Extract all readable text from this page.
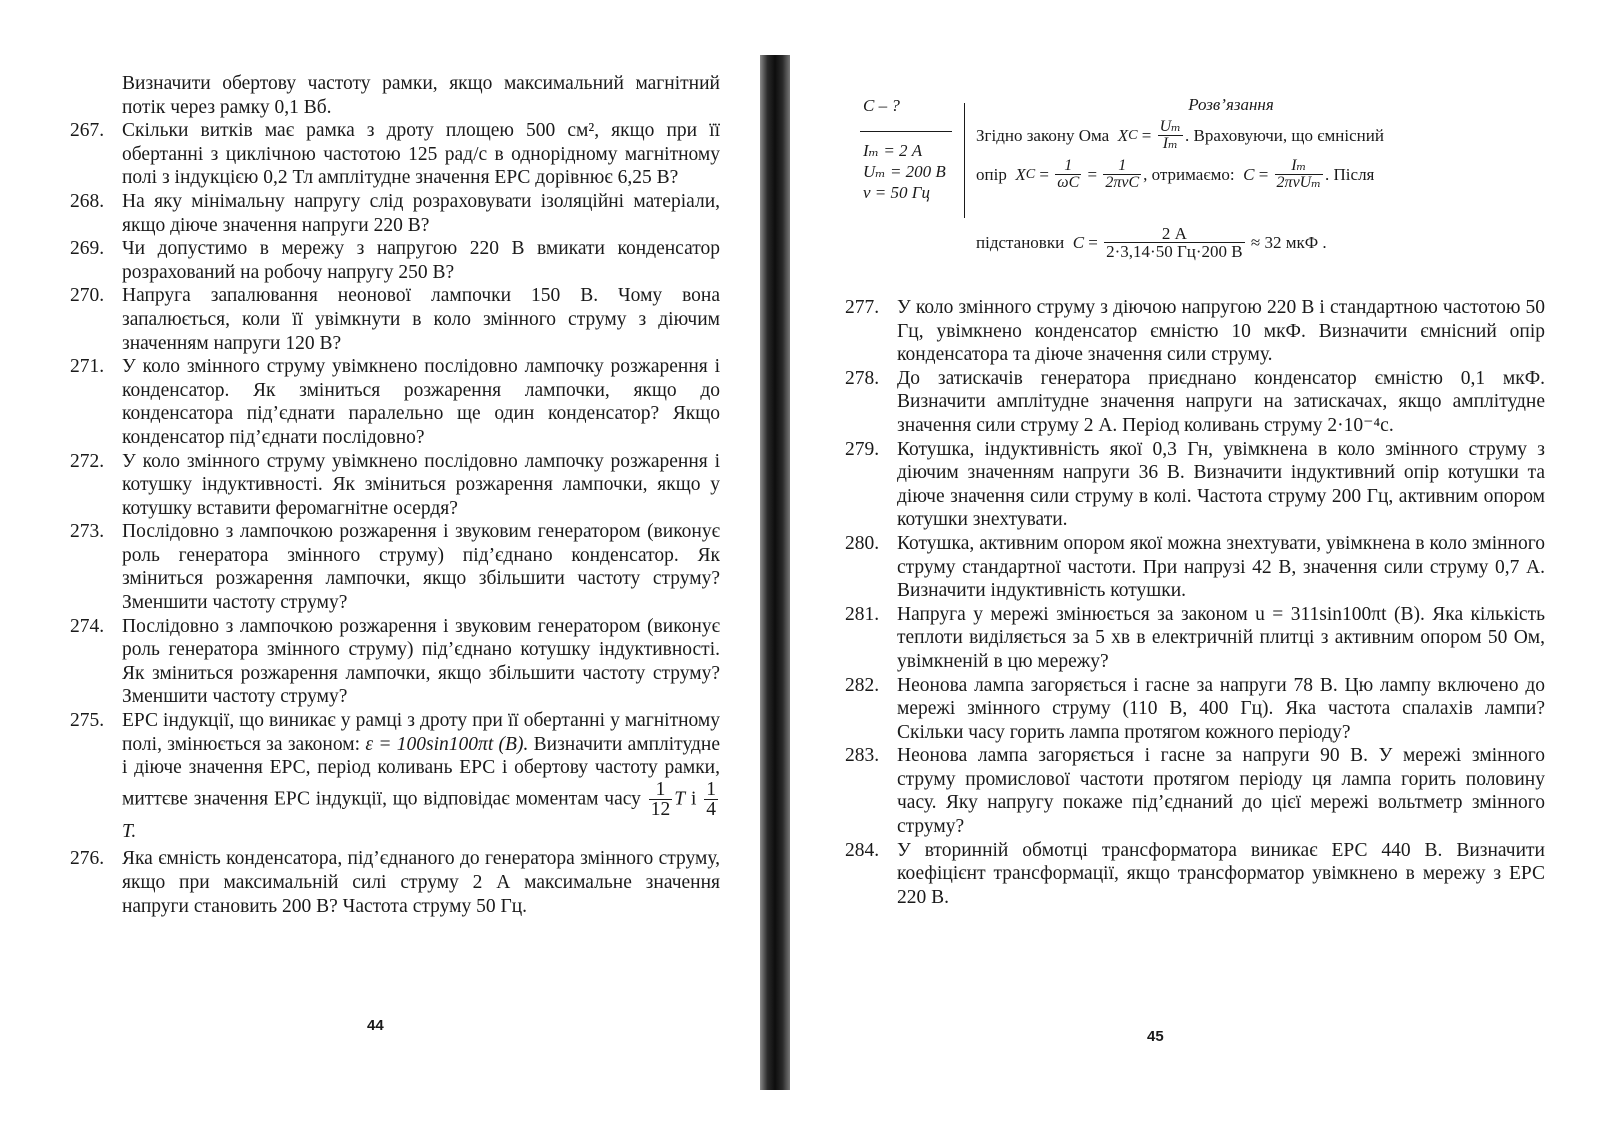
Визначити обертову частоту рамки, якщо максимальний магнітний потік через рамку 0,1 Вб.
267. Скільки витків має рамка з дроту площею 500 см², якщо при її обертанні з циклічною частотою 125 рад/с в однорідному магнітному полі з індукцією 0,2 Тл амплітудне значення ЕРС дорівнює 6,25 В?
268. На яку мінімальну напругу слід розраховувати ізоляційні матеріали, якщо діюче значення напруги 220 В?
269. Чи допустимо в мережу з напругою 220 В вмикати конденсатор розрахований на робочу напругу 250 В?
270. Напруга запалювання неонової лампочки 150 В. Чому вона запалюється, коли її увімкнути в коло змінного струму з діючим значенням напруги 120 В?
271. У коло змінного струму увімкнено послідовно лампочку розжарення і конденсатор. Як зміниться розжарення лампочки, якщо до конденсатора під’єднати паралельно ще один конденсатор? Якщо конденсатор під’єднати послідовно?
272. У коло змінного струму увімкнено послідовно лампочку розжарення і котушку індуктивності. Як зміниться розжарення лампочки, якщо у котушку вставити феромагнітне осердя?
273. Послідовно з лампочкою розжарення і звуковим генератором (виконує роль генератора змінного струму) під’єднано конденсатор. Як зміниться розжарення лампочки, якщо збільшити частоту струму? Зменшити частоту струму?
274. Послідовно з лампочкою розжарення і звуковим генератором (виконує роль генератора змінного струму) під’єднано котушку індуктивності. Як зміниться розжарення лампочки, якщо збільшити частоту струму? Зменшити частоту струму?
275. ЕРС індукції, що виникає у рамці з дроту при її обертанні у магнітному полі, змінюється за законом: ε = 100sin100πt (В). Визначити амплітудне і діюче значення ЕРС, період коливань ЕРС і обертову частоту рамки, миттєве значення ЕРС індукції, що відповідає моментам часу $\frac{1}{12}$ T і $\frac{1}{4}$
T.
276. Яка ємність конденсатора, під’єднаного до генератора змінного струму, якщо при максимальній силі струму 2 А максимальне значення напруги становить 200 В? Частота струму 50 Гц.
44
C – ?
Iₘ = 2 А
Uₘ = 200 В
ν = 50 Гц
Розв’язання
Згідно закону Ома
X $C = \frac{\text{Uₘ}}{\text{Iₘ}}$ . Враховуючи, що ємнісний
опір
X $C = \frac{1}{\omega C} = \frac{1}{\text{2πνC}}$ , отримаємо:
$C = \frac{\text{Iₘ}}{\text{2πνUₘ}}$ . Після
підстановки
$C = \frac{2 А}{2\cdot 3,14\cdot 50 Гц\cdot 200 В}$
≈ 32 мкФ .
277. У коло змінного струму з діючою напругою 220 В і стандартною частотою 50 Гц, увімкнено конденсатор ємністю 10 мкФ. Визначити ємнісний опір конденсатора та діюче значення сили струму.
278. До затискачів генератора приєднано конденсатор ємністю 0,1 мкФ. Визначити амплітудне значення напруги на затискачах, якщо амплітудне значення сили струму 2 А. Період коливань струму 2·10⁻⁴с.
279. Котушка, індуктивність якої 0,3 Гн, увімкнена в коло змінного струму з діючим значенням напруги 36 В. Визначити індуктивний опір котушки та діюче значення сили струму в колі. Частота струму 200 Гц, активним опором котушки знехтувати.
280. Котушка, активним опором якої можна знехтувати, увімкнена в коло змінного струму стандартної частоти. При напрузі 42 В, значення сили струму 0,7 А. Визначити індуктивність котушки.
281. Напруга у мережі змінюється за законом u = 311sin100πt (В). Яка кількість теплоти виділяється за 5 хв в електричній плитці з активним опором 50 Ом, увімкненій в цю мережу?
282. Неонова лампа загоряється і гасне за напруги 78 В. Цю лампу включено до мережі змінного струму (110 В, 400 Гц). Яка частота спалахів лампи? Скільки часу горить лампа протягом кожного періоду?
283. Неонова лампа загоряється і гасне за напруги 90 В. У мережі змінного струму промислової частоти протягом періоду ця лампа горить половину часу. Яку напругу покаже під’єднаний до цієї мережі вольтметр змінного струму?
284. У вторинній обмотці трансформатора виникає ЕРС 440 В. Визначити коефіцієнт трансформації, якщо трансформатор увімкнено в мережу з ЕРС 220 В.
45
